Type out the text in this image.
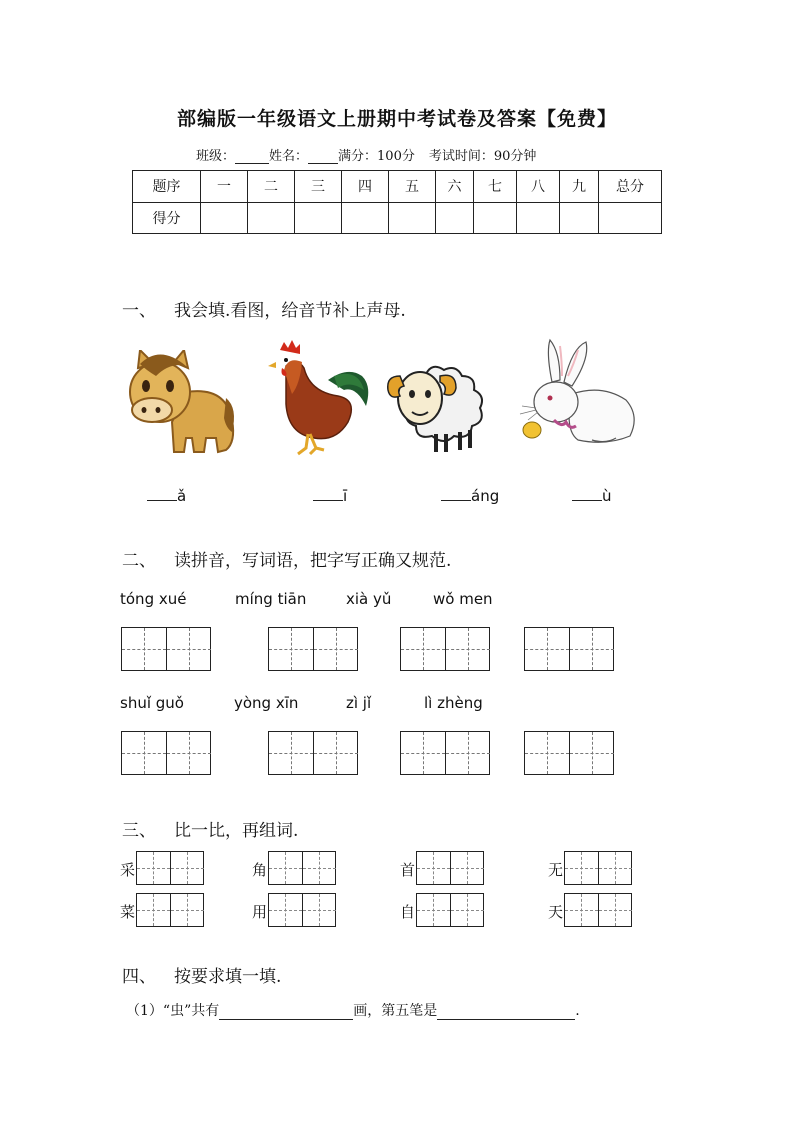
部编版一年级语文上册期中考试卷及答案【免费】
班级：	姓名： 满分：100分 考试时间：90分钟
题序	一	二	三	四	五	六	七	八	九	总分
得分										
一、 我会填.看图，给音节补上声母.
ǎ	ī	áng	ù
二、 读拼音，写词语，把字写正确又规范.
tóng xué	míng tiān	xià yǔ	wǒ men
shuǐ guǒ	yòng xīn	zì jǐ	lì zhèng
三、 比一比，再组词.
采	角	首	无
菜	用	自	天
四、 按要求填一填.
（1）“虫”共有	画，第五笔是	.
